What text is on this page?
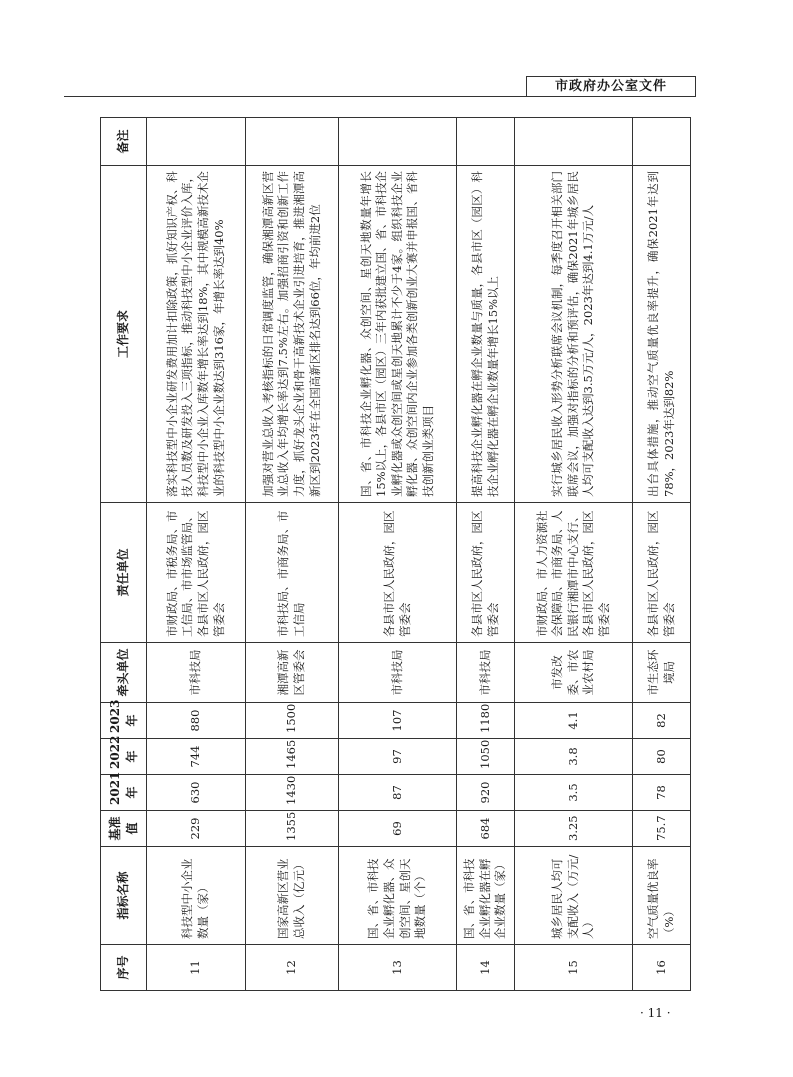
市政府办公室文件
序号	指标名称	基准值	2021年	2022年	2023年	牵头单位	责任单位	工作要求	备注
11	科技型中小企业数量（家）	229	630	744	880	市科技局	市财政局、市税务局、市工信局、市市场监管局、各县市区人民政府，园区管委会	落实科技型中小企业研发费用加计扣除政策，抓好知识产权、科技人员数及研发投入三项指标，推动科技型中小企业评价入库，科技型中小企业入库数年增长率达到18%，其中规模高新技术企业的科技型中小企业数达到316家，年增长率达到40%	
12	国家高新区营业总收入（亿元）	1355	1430	1465	1500	湘潭高新区管委会	市科技局、市商务局、市工信局	加强对营业总收入考核指标的日常调度监管，确保湘潭高新区营业总收入年均增长率达到7.5%左右。加强招商引资和创新工作力度，抓好龙头企业和骨干高新技术企业引进培育，推进湘潭高新区到2023年在全国高新区排名达到66位，年均前进2位	
13	国、省、市科技企业孵化器、众创空间、星创天地数量（个）	69	87	97	107	市科技局	各县市区人民政府，园区管委会	国、省、市科技企业孵化器、众创空间、星创天地数量年增长15%以上，各县市区（园区）三年内获批建立国、省、市科技企业孵化器或众创空间或星创天地累计不少于4家。组织科技企业孵化器、众创空间内企业参加各类创新创业大赛并申报国、省科技创新创业类项目	
14	国、省、市科技企业孵化器在孵企业数量（家）	684	920	1050	1180	市科技局	各县市区人民政府，园区管委会	提高科技企业孵化器在孵企业数量与质量，各县市区（园区）科技企业孵化器在孵企业数量年增长15%以上	
15	城乡居民人均可支配收入（万元/人）	3.25	3.5	3.8	4.1	市发改委、市农业农村局	市财政局、市人力资源社会保障局、市商务局、人民银行湘潭市中心支行、各县市区人民政府，园区管委会	实行城乡居民收入形势分析联席会议机制，每季度召开相关部门联席会议，加强对指标的分析和预评估，确保2021年城乡居民人均可支配收入达到3.5万元/人，2023年达到4.1万元/人	
16	空气质量优良率（%）	75.7	78	80	82	市生态环境局	各县市区人民政府，园区管委会	出台具体措施，推动空气质量优良率提升，确保2021年达到78%，2023年达到82%	
· 11 ·
